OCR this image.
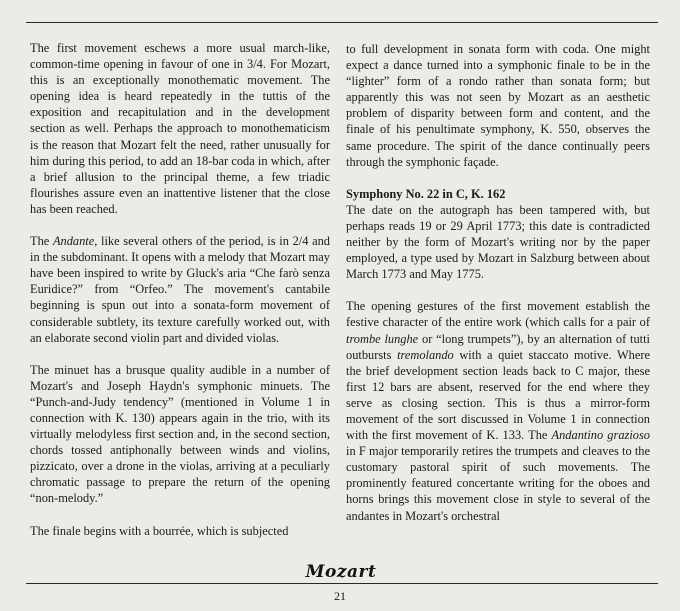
The first movement eschews a more usual march-like, common-time opening in favour of one in 3/4. For Mozart, this is an exceptionally monothematic movement. The opening idea is heard repeatedly in the tuttis of the exposition and recapitulation and in the development section as well. Perhaps the approach to monothematicism is the reason that Mozart felt the need, rather unusually for him during this period, to add an 18-bar coda in which, after a brief allusion to the principal theme, a few triadic flourishes assure even an inattentive listener that the close has been reached.

The Andante, like several others of the period, is in 2/4 and in the subdominant. It opens with a melody that Mozart may have been inspired to write by Gluck's aria “Che farò senza Euridice?” from “Orfeo.” The movement's cantabile beginning is spun out into a sonata-form movement of considerable subtlety, its texture carefully worked out, with an elaborate second violin part and divided violas.

The minuet has a brusque quality audible in a number of Mozart's and Joseph Haydn's symphonic minuets. The “Punch-and-Judy tendency” (mentioned in Volume 1 in connection with K. 130) appears again in the trio, with its virtually melodyless first section and, in the second section, chords tossed antiphonally between winds and violins, pizzicato, over a drone in the violas, arriving at a peculiarly chromatic passage to prepare the return of the opening “non-melody.”

The finale begins with a bourrée, which is subjected

to full development in sonata form with coda. One might expect a dance turned into a symphonic finale to be in the “lighter” form of a rondo rather than sonata form; but apparently this was not seen by Mozart as an aesthetic problem of disparity between form and content, and the finale of his penultimate symphony, K. 550, observes the same procedure. The spirit of the dance continually peers through the symphonic façade.

Symphony No. 22 in C, K. 162

The date on the autograph has been tampered with, but perhaps reads 19 or 29 April 1773; this date is contradicted neither by the form of Mozart's writing nor by the paper employed, a type used by Mozart in Salzburg between about March 1773 and May 1775.

The opening gestures of the first movement establish the festive character of the entire work (which calls for a pair of trombe lunghe or “long trumpets”), by an alternation of tutti outbursts tremolando with a quiet staccato motive. Where the brief development section leads back to C major, these first 12 bars are absent, reserved for the end where they serve as closing section. This is thus a mirror-form movement of the sort discussed in Volume 1 in connection with the first movement of K. 133. The Andantino grazioso in F major temporarily retires the trumpets and cleaves to the customary pastoral spirit of such movements. The prominently featured concertante writing for the oboes and horns brings this movement close in style to several of the andantes in Mozart's orchestral

Mozart
21
